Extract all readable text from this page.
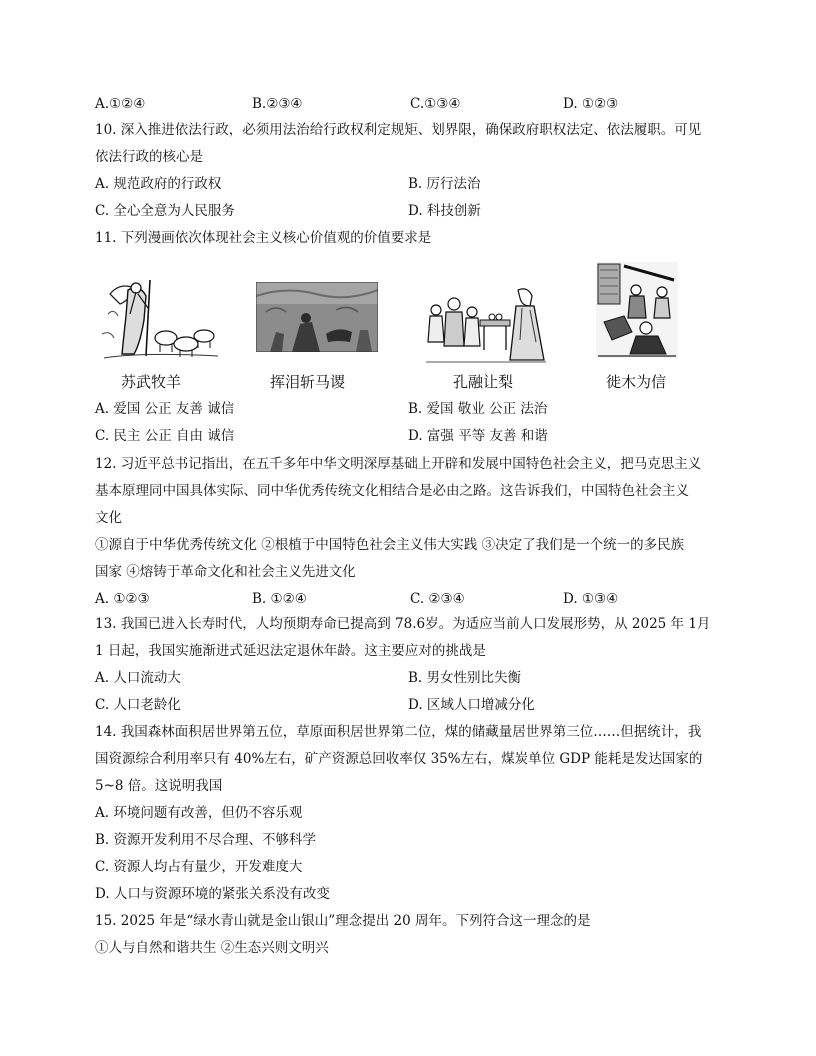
A.①②④	B.②③④	C.①③④	D. ①②③
10. 深入推进依法行政，必须用法治给行政权利定规矩、划界限，确保政府职权法定、依法履职。可见
依法行政的核心是
A. 规范政府的行政权	B. 厉行法治
C. 全心全意为人民服务	D. 科技创新
11. 下列漫画依次体现社会主义核心价值观的价值要求是
苏武牧羊	挥泪斩马谡	孔融让梨	徙木为信
A. 爱国 公正 友善 诚信	B. 爱国 敬业 公正 法治
C. 民主 公正 自由 诚信	D. 富强 平等 友善 和谐
12. 习近平总书记指出，在五千多年中华文明深厚基础上开辟和发展中国特色社会主义，把马克思主义
基本原理同中国具体实际、同中华优秀传统文化相结合是必由之路。这告诉我们，中国特色社会主义
文化
①源自于中华优秀传统文化 ②根植于中国特色社会主义伟大实践 ③决定了我们是一个统一的多民族
国家 ④熔铸于革命文化和社会主义先进文化
A. ①②③	B. ①②④	C. ②③④	D. ①③④
13. 我国已进入长寿时代，人均预期寿命已提高到 78.6岁。为适应当前人口发展形势，从 2025 年 1月
1 日起，我国实施渐进式延迟法定退休年龄。这主要应对的挑战是
A. 人口流动大	B. 男女性别比失衡
C. 人口老龄化	D. 区域人口增减分化
14. 我国森林面积居世界第五位，草原面积居世界第二位，煤的储藏量居世界第三位……但据统计，我
国资源综合利用率只有 40%左右，矿产资源总回收率仅 35%左右，煤炭单位 GDP 能耗是发达国家的
5~8 倍。这说明我国
A. 环境问题有改善，但仍不容乐观
B. 资源开发利用不尽合理、不够科学
C. 资源人均占有量少，开发难度大
D. 人口与资源环境的紧张关系没有改变
15. 2025 年是“绿水青山就是金山银山”理念提出 20 周年。下列符合这一理念的是
①人与自然和谐共生 ②生态兴则文明兴
